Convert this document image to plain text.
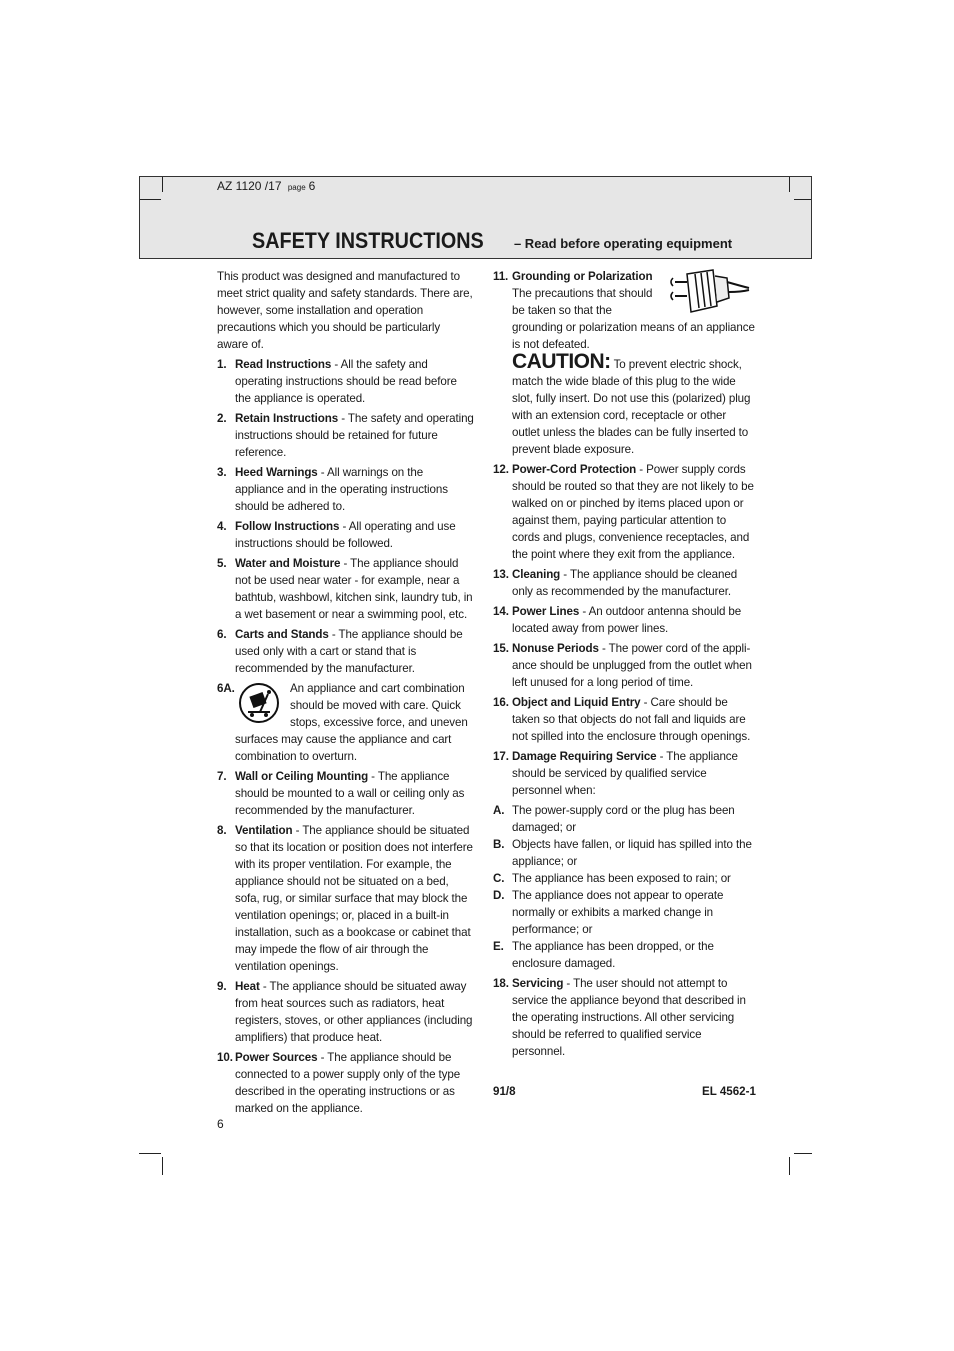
AZ 1120 /17 page 6
SAFETY INSTRUCTIONS – Read before operating equipment

This product was designed and manufactured to meet strict quality and safety standards. There are, however, some installation and operation precautions which you should be particularly aware of.

1. Read Instructions - All the safety and operating instructions should be read before the appliance is operated.
2. Retain Instructions - The safety and operating instructions should be retained for future reference.
3. Heed Warnings - All warnings on the appliance and in the operating instructions should be adhered to.
4. Follow Instructions - All operating and use instructions should be followed.
5. Water and Moisture - The appliance should not be used near water - for example, near a bathtub, washbowl, kitchen sink, laundry tub, in a wet basement or near a swimming pool, etc.
6. Carts and Stands - The appliance should be used only with a cart or stand that is recommended by the manufacturer.
6A.	An appliance and cart combination should be moved with care. Quick stops, excessive force, and uneven surfaces may cause the appliance and cart combination to overturn.
7. Wall or Ceiling Mounting - The appliance should be mounted to a wall or ceiling only as recommended by the manufacturer.
8. Ventilation - The appliance should be situated so that its location or position does not interfere with its proper ventilation. For example, the appliance should not be situated on a bed, sofa, rug, or similar surface that may block the ventilation openings; or, placed in a built-in installation, such as a bookcase or cabinet that may impede the flow of air through the ventilation openings.
9. Heat - The appliance should be situated away from heat sources such as radiators, heat registers, stoves, or other appliances (including amplifiers) that produce heat.
10. Power Sources - The appliance should be connected to a power supply only of the type described in the operating instructions or as marked on the appliance.
11. Grounding or Polarization
The precautions that should be taken so that the grounding or polarization means of an appliance is not defeated.
CAUTION: To prevent electric shock, match the wide blade of this plug to the wide slot, fully insert. Do not use this (polarized) plug with an extension cord, receptacle or other outlet unless the blades can be fully inserted to prevent blade exposure.
12. Power-Cord Protection - Power supply cords should be routed so that they are not likely to be walked on or pinched by items placed upon or against them, paying particular attention to cords and plugs, convenience receptacles, and the point where they exit from the appliance.
13. Cleaning - The appliance should be cleaned only as recommended by the manufacturer.
14. Power Lines - An outdoor antenna should be located away from power lines.
15. Nonuse Periods - The power cord of the appli-ance should be unplugged from the outlet when left unused for a long period of time.
16. Object and Liquid Entry - Care should be taken so that objects do not fall and liquids are not spilled into the enclosure through openings.
17. Damage Requiring Service - The appliance should be serviced by qualified service personnel when:
A. The power-supply cord or the plug has been damaged; or
B. Objects have fallen, or liquid has spilled into the appliance; or
C. The appliance has been exposed to rain; or
D. The appliance does not appear to operate normally or exhibits a marked change in performance; or
E. The appliance has been dropped, or the enclosure damaged.
18. Servicing - The user should not attempt to service the appliance beyond that described in the operating instructions. All other servicing should be referred to qualified service personnel.
91/8	EL 4562-1
6
